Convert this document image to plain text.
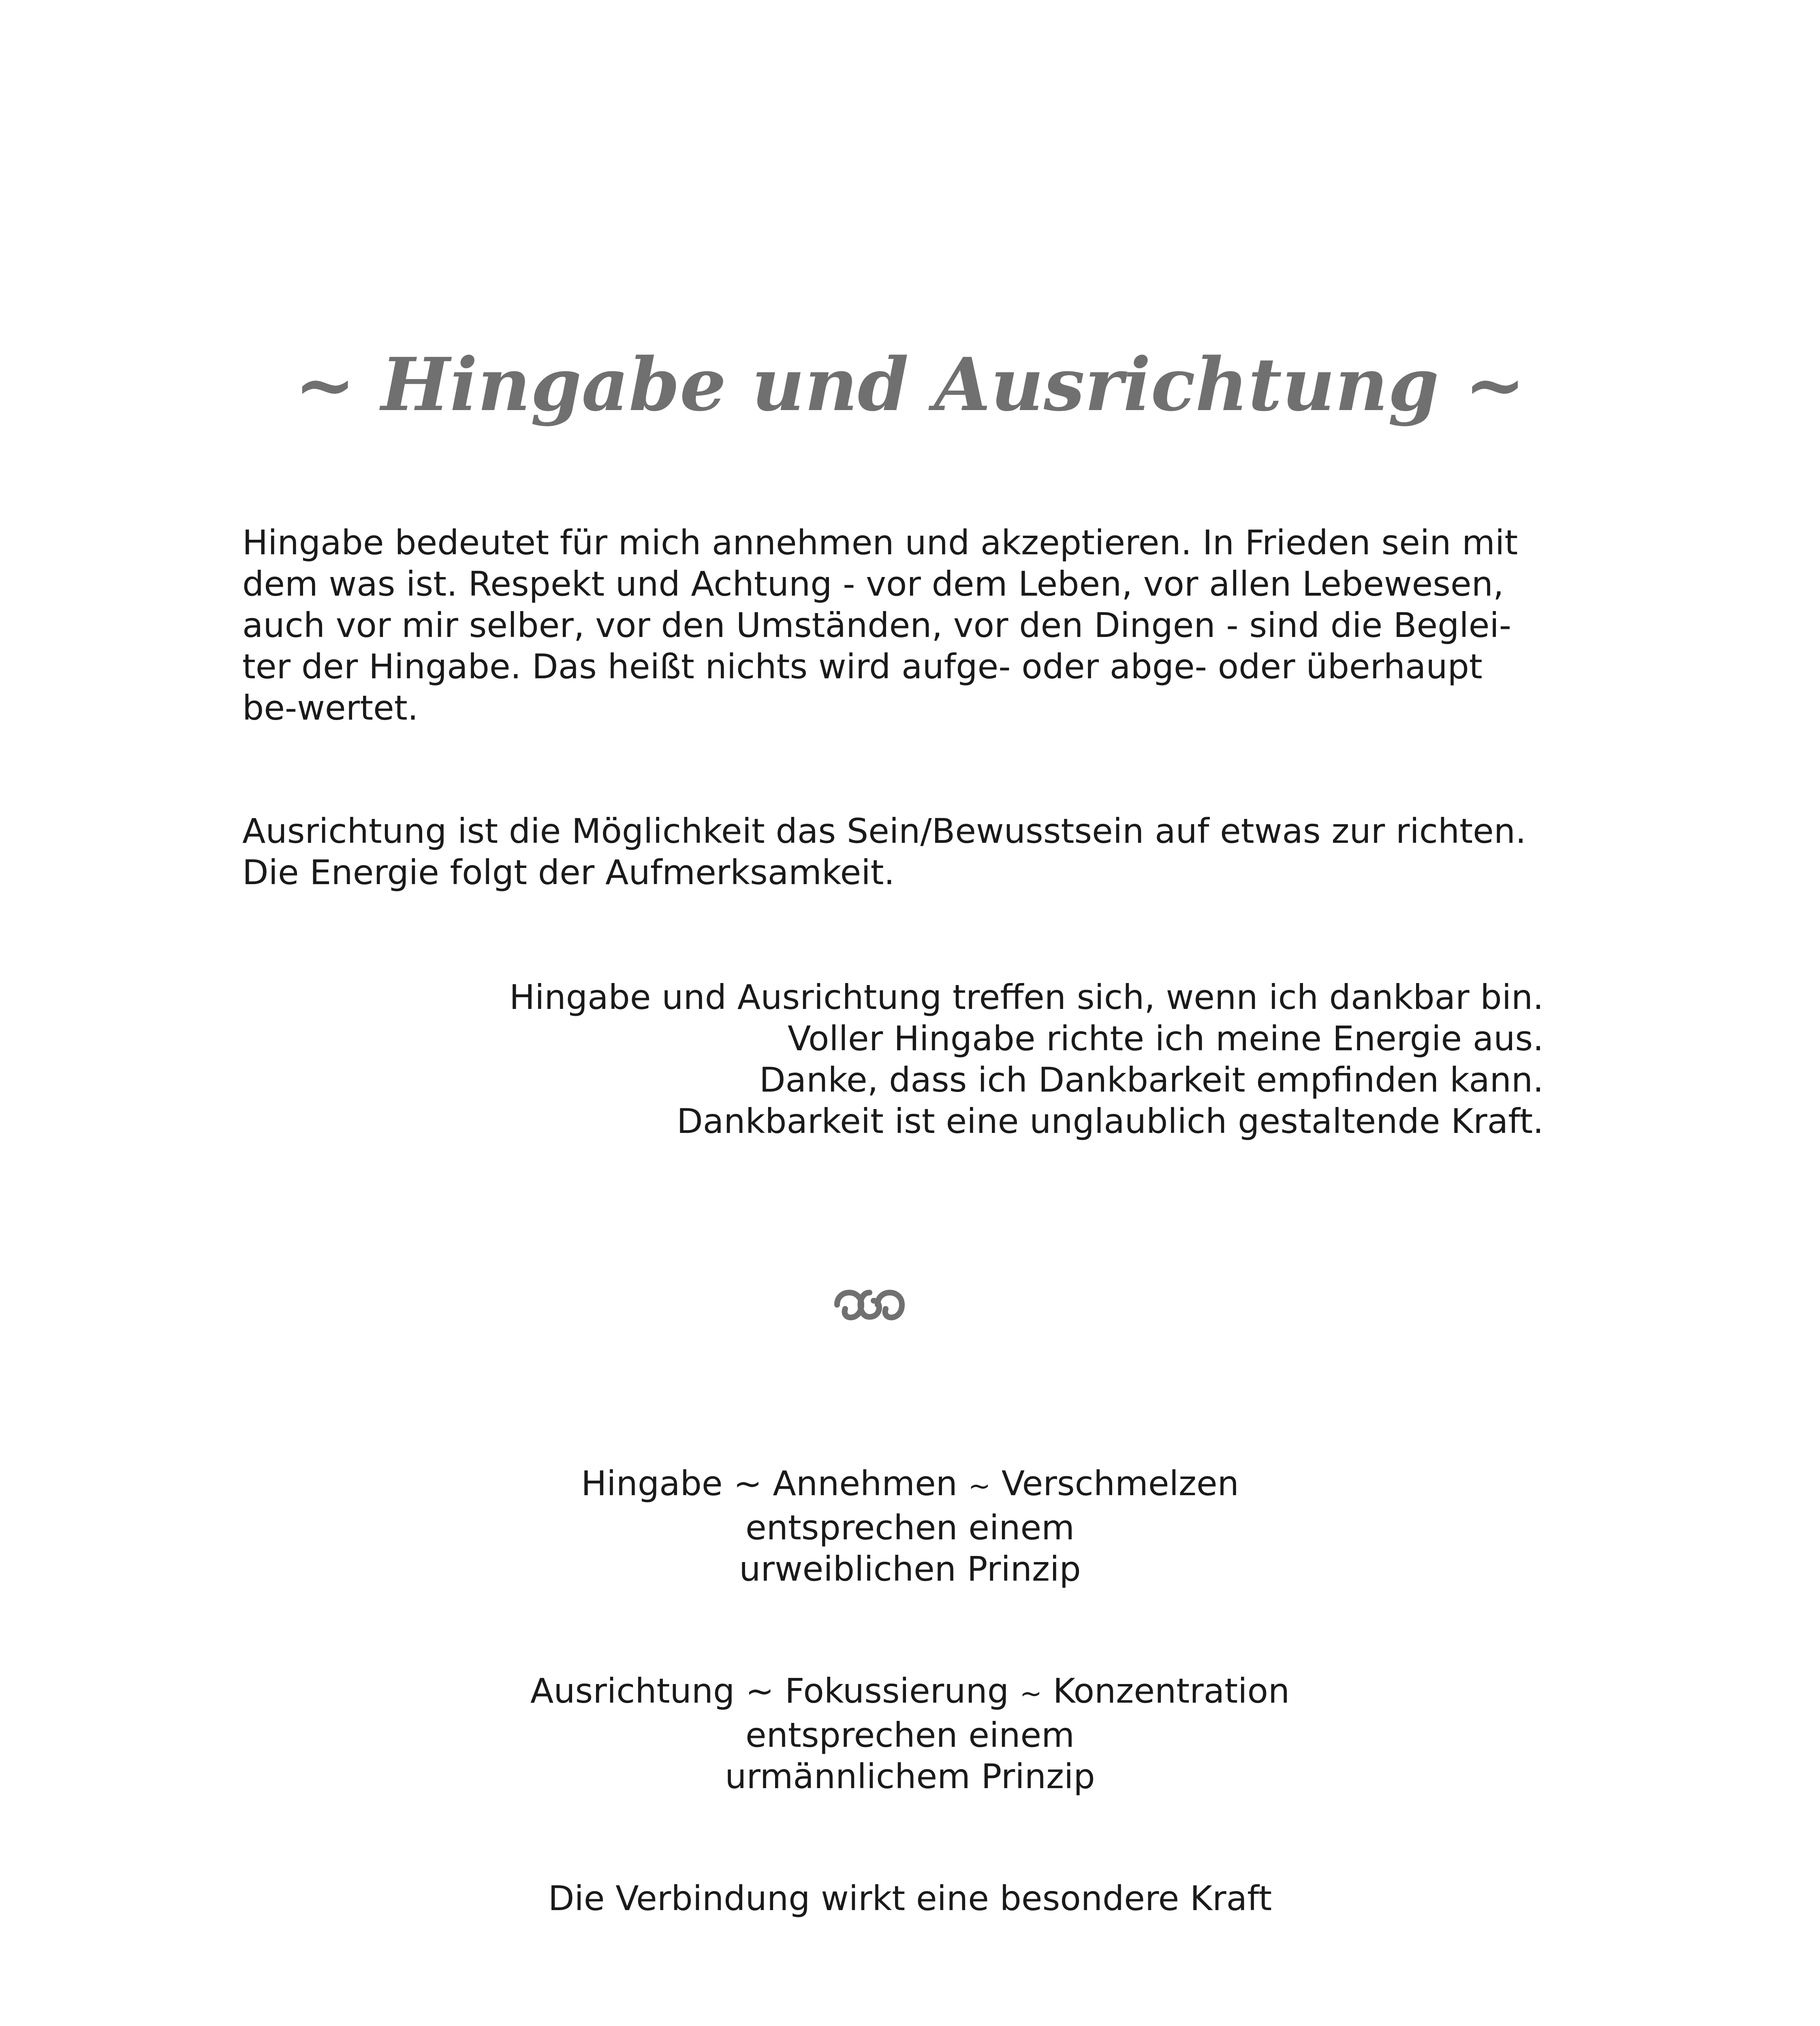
~ Hingabe und Ausrichtung ~

Hingabe bedeutet für mich annehmen und akzeptieren. In Frieden sein mit
dem was ist. Respekt und Achtung - vor dem Leben, vor allen Lebewesen,
auch vor mir selber, vor den Umständen, vor den Dingen - sind die Beglei-
ter der Hingabe. Das heißt nichts wird aufge- oder abge- oder überhaupt
be-wertet.

Ausrichtung ist die Möglichkeit das Sein/Bewusstsein auf etwas zur richten.
Die Energie folgt der Aufmerksamkeit.

Hingabe und Ausrichtung treffen sich, wenn ich dankbar bin.
Voller Hingabe richte ich meine Energie aus.
Danke, dass ich Dankbarkeit empfinden kann.
Dankbarkeit ist eine unglaublich gestaltende Kraft.

Hingabe ~ Annehmen ~ Verschmelzen
entsprechen einem
urweiblichen Prinzip

Ausrichtung ~ Fokussierung ~ Konzentration
entsprechen einem
urmännlichem Prinzip

Die Verbindung wirkt eine besondere Kraft
